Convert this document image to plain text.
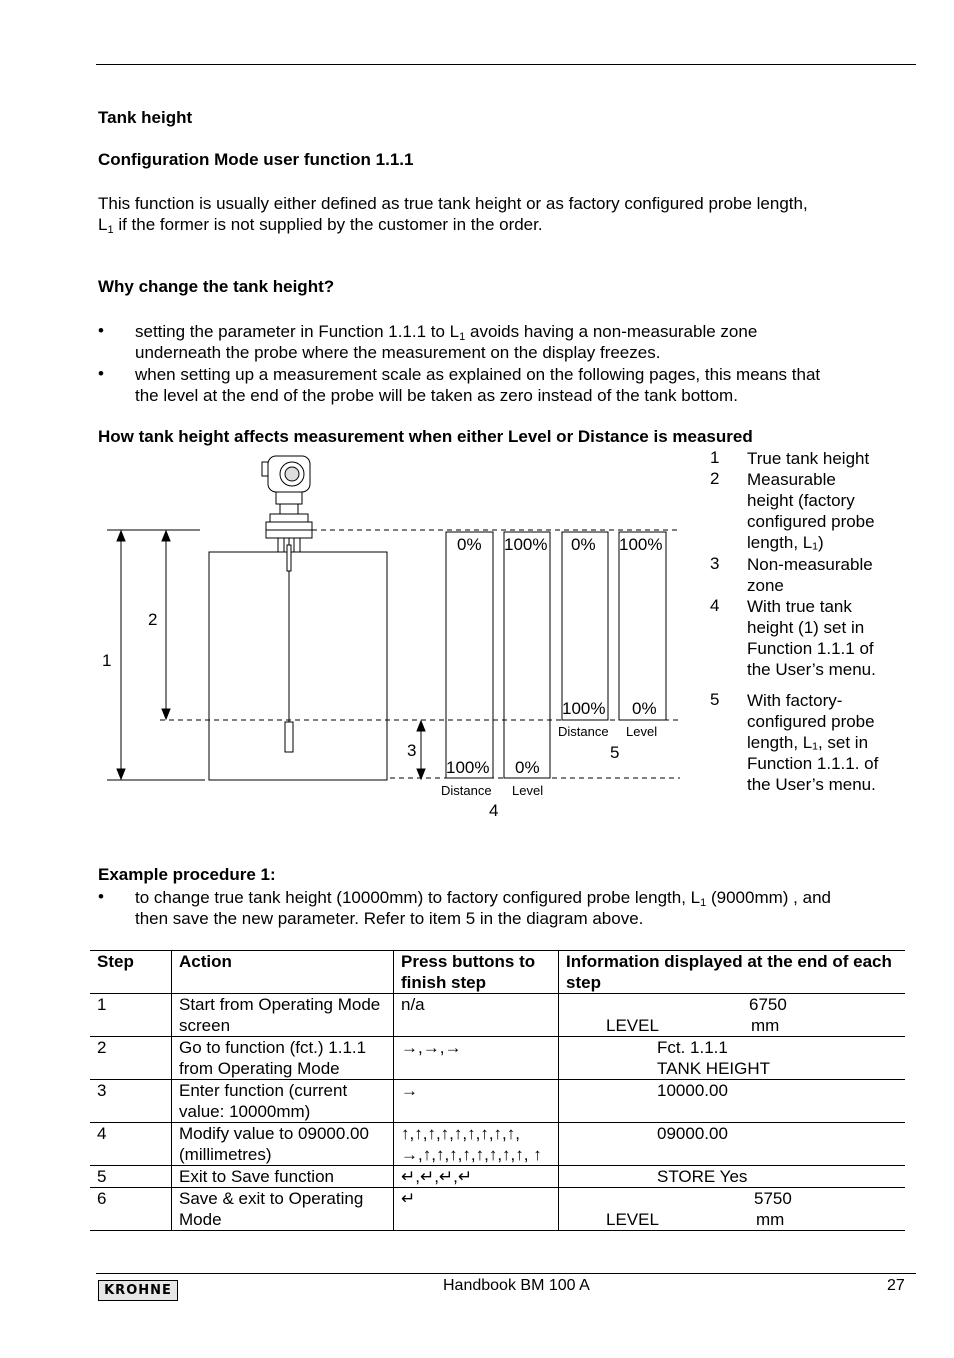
Tank height
Configuration Mode user function 1.1.1
This function is usually either defined as true tank height or as factory configured probe length,
$L_1$ if the former is not supplied by the customer in the order.
Why change the tank height?
• setting the parameter in Function 1.1.1 to $L_1$ avoids having a non-measurable zone
underneath the probe where the measurement on the display freezes.
• when setting up a measurement scale as explained on the following pages, this means that
the level at the end of the probe will be taken as zero instead of the tank bottom.
How tank height affects measurement when either Level or Distance is measured
1
2
3
4
5
0%
100%
100%
0%
0%
100%
100%
0%
Distance Level
Distance Level
1 True tank height
2 Measurable
height (factory
configured probe
length, L₁)
3 Non-measurable
zone
4 With true tank
height (1) set in
Function 1.1.1 of
the User’s menu.
5 With factory-
configured probe
length, L₁, set in
Function 1.1.1. of
the User’s menu.
Example procedure 1:
• to change true tank height (10000mm) to factory configured probe length, $L_1$ (9000mm) , and
then save the new parameter. Refer to item 5 in the diagram above.
Step	Action	Press buttons to finish step	Information displayed at the end of each step
1	Start from Operating Mode screen	n/a	6750
LEVEL mm

2	Go to function (fct.) 1.1.1 from Operating Mode	→,→,→	Fct. 1.1.1
TANK HEIGHT

3	Enter function (current value: 10000mm)	→	10000.00

4	Modify value to 09000.00 (millimetres)	↑,↑,↑,↑,↑,↑,↑,↑,↑, →,↑,↑,↑,↑,↑,↑,↑,↑, ↑	09000.00

5	Exit to Save function	↵,↵,↵,↵	STORE Yes

6	Save & exit to Operating Mode	↵	5750
LEVEL mm
KROHNE	Handbook BM 100 A	27
